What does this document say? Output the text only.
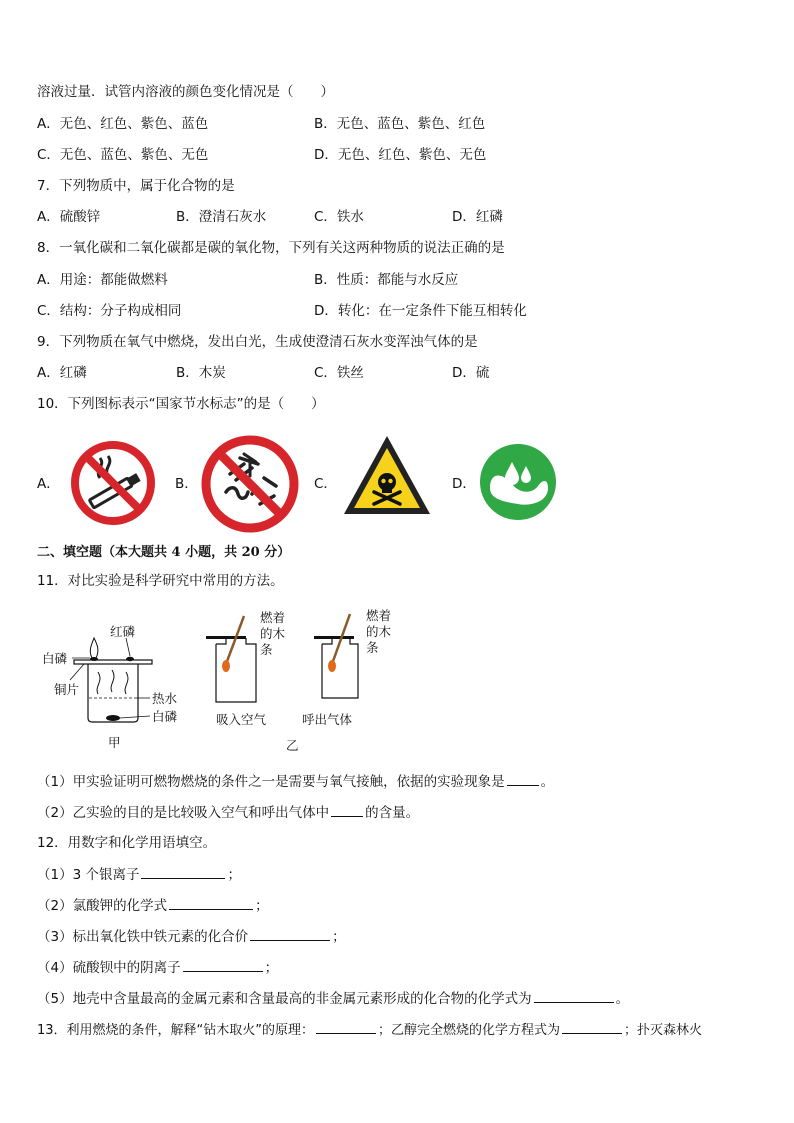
溶液过量．试管内溶液的颜色变化情况是（　　）
A．无色、红色、紫色、蓝色	B．无色、蓝色、紫色、红色
C．无色、蓝色、紫色、无色	D．无色、红色、紫色、无色
7．下列物质中，属于化合物的是
A．硫酸锌	B．澄清石灰水	C．铁水	D．红磷
8．一氧化碳和二氧化碳都是碳的氧化物，下列有关这两种物质的说法正确的是
A．用途：都能做燃料	B．性质：都能与水反应
C．结构：分子构成相同	D．转化：在一定条件下能互相转化
9．下列物质在氧气中燃烧，发出白光，生成使澄清石灰水变浑浊气体的是
A．红磷	B．木炭	C．铁丝	D．硫
10．下列图标表示“国家节水标志”的是（　　）
A．	B．	C．	D．
二、填空题（本大题共 4 小题，共 20 分）
11．对比实验是科学研究中常用的方法。
红磷
白磷
铜片
热水
白磷
甲
燃着的木条
吸入空气
燃着的木条
呼出气体
乙
（1）甲实验证明可燃物燃烧的条件之一是需要与氧气接触，依据的实验现象是	。
（2）乙实验的目的是比较吸入空气和呼出气体中	的含量。
12．用数字和化学用语填空。
（1）3 个银离子	；
（2）氯酸钾的化学式	；
（3）标出氧化铁中铁元素的化合价	；
（4）硫酸钡中的阴离子	；
（5）地壳中含量最高的金属元素和含量最高的非金属元素形成的化合物的化学式为	。
13．利用燃烧的条件，解释“钻木取火”的原理：	；乙醇完全燃烧的化学方程式为	；扑灭森林火
